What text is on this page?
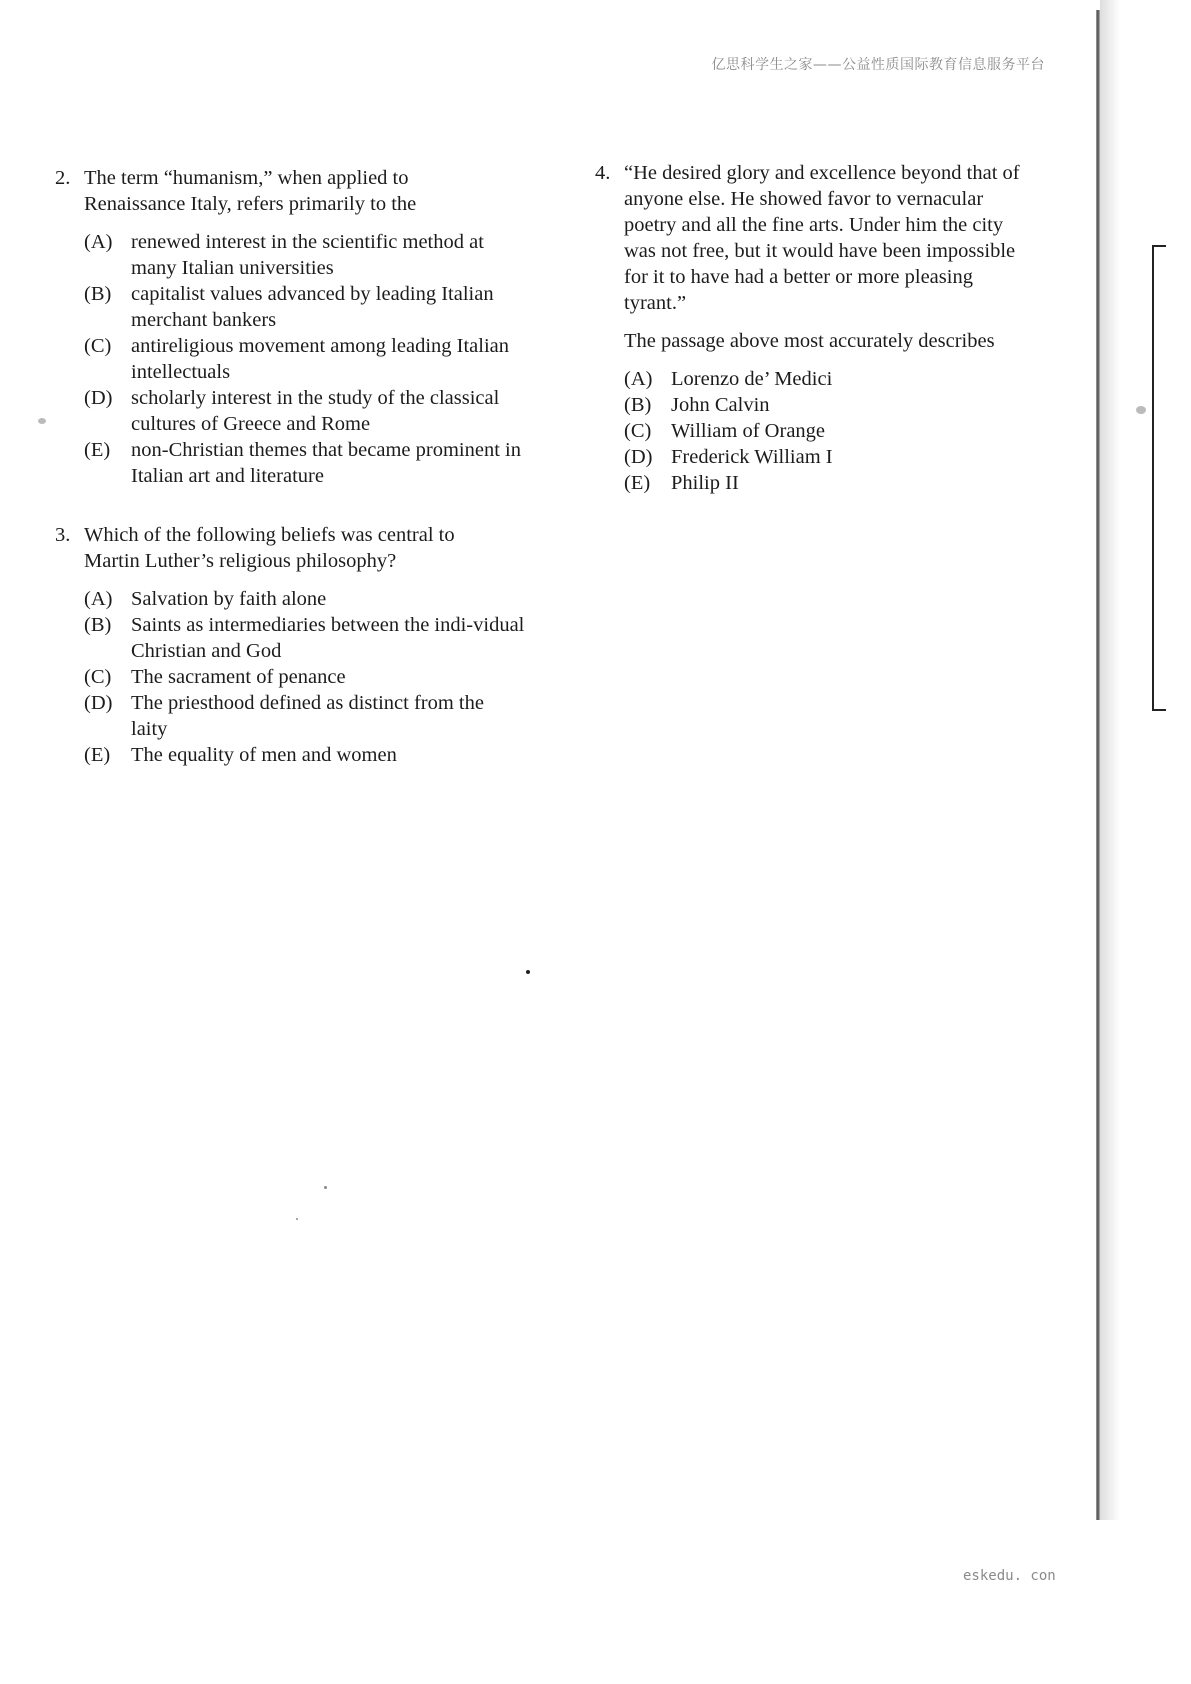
亿思科学生之家——公益性质国际教育信息服务平台
2. The term “humanism,” when applied to

Renaissance Italy, refers primarily to the

(A) renewed interest in the scientific method at many Italian universities
(B) capitalist values advanced by leading Italian merchant bankers
(C) antireligious movement among leading Italian intellectuals
(D) scholarly interest in the study of the classical cultures of Greece and Rome
(E) non-Christian themes that became prominent in Italian art and literature
3. Which of the following beliefs was central to

Martin Luther’s religious philosophy?

(A) Salvation by faith alone
(B) Saints as intermediaries between the indi-vidual Christian and God
(C) The sacrament of penance
(D) The priesthood defined as distinct from the laity
(E) The equality of men and women
4. “He desired glory and excellence beyond that of

anyone else. He showed favor to vernacular

poetry and all the fine arts. Under him the city

was not free, but it would have been impossible

for it to have had a better or more pleasing

tyrant.”

The passage above most accurately describes

(A) Lorenzo de’ Medici
(B) John Calvin
(C) William of Orange
(D) Frederick William I
(E) Philip II
eskedu. con
